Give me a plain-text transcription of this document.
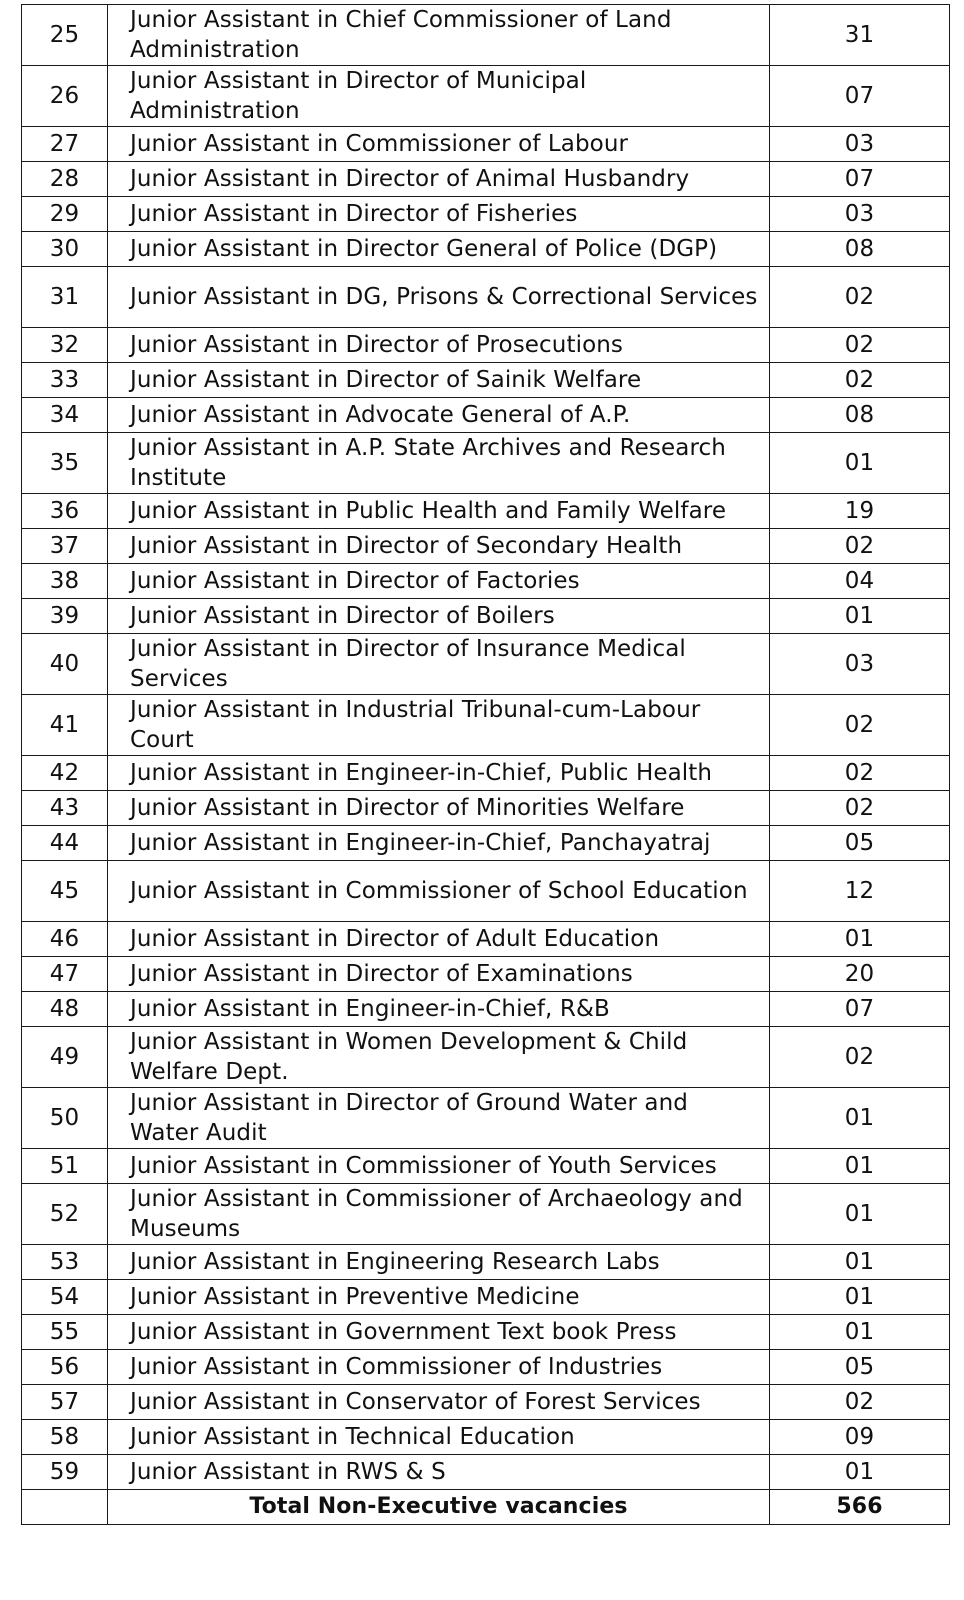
25	Junior Assistant in Chief Commissioner of Land Administration	31
26	Junior Assistant in Director of Municipal Administration	07
27	Junior Assistant in Commissioner of Labour	03
28	Junior Assistant in Director of Animal Husbandry	07
29	Junior Assistant in Director of Fisheries	03
30	Junior Assistant in Director General of Police (DGP)	08
31	Junior Assistant in DG, Prisons & Correctional Services	02
32	Junior Assistant in Director of Prosecutions	02
33	Junior Assistant in Director of Sainik Welfare	02
34	Junior Assistant in Advocate General of A.P.	08
35	Junior Assistant in A.P. State Archives and Research Institute	01
36	Junior Assistant in Public Health and Family Welfare	19
37	Junior Assistant in Director of Secondary Health	02
38	Junior Assistant in Director of Factories	04
39	Junior Assistant in Director of Boilers	01
40	Junior Assistant in Director of Insurance Medical Services	03
41	Junior Assistant in Industrial Tribunal-cum-Labour Court	02
42	Junior Assistant in Engineer-in-Chief, Public Health	02
43	Junior Assistant in Director of Minorities Welfare	02
44	Junior Assistant in Engineer-in-Chief, Panchayatraj	05
45	Junior Assistant in Commissioner of School Education	12
46	Junior Assistant in Director of Adult Education	01
47	Junior Assistant in Director of Examinations	20
48	Junior Assistant in Engineer-in-Chief, R&B	07
49	Junior Assistant in Women Development & Child Welfare Dept.	02
50	Junior Assistant in Director of Ground Water and Water Audit	01
51	Junior Assistant in Commissioner of Youth Services	01
52	Junior Assistant in Commissioner of Archaeology and Museums	01
53	Junior Assistant in Engineering Research Labs	01
54	Junior Assistant in Preventive Medicine	01
55	Junior Assistant in Government Text book Press	01
56	Junior Assistant in Commissioner of Industries	05
57	Junior Assistant in Conservator of Forest Services	02
58	Junior Assistant in Technical Education	09
59	Junior Assistant in RWS & S	01
	Total Non-Executive vacancies	566
